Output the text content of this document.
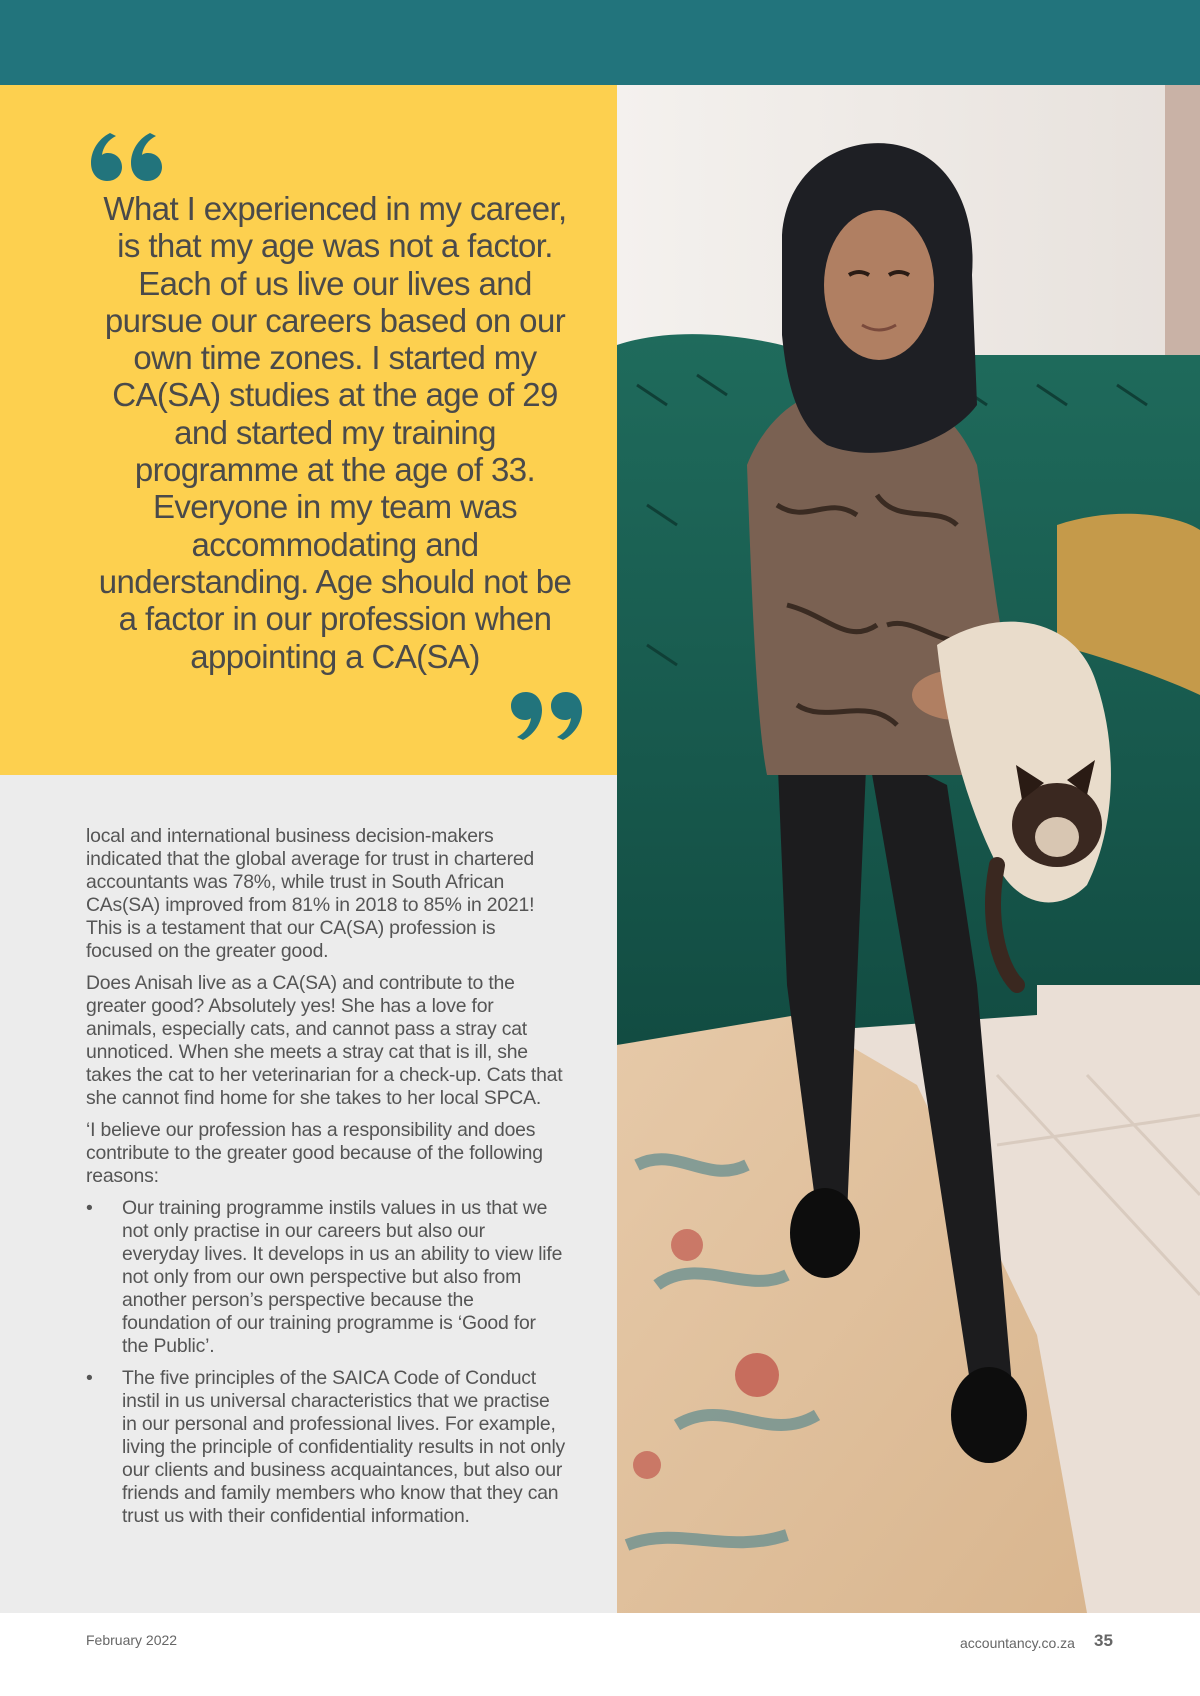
What I experienced in my career, is that my age was not a factor. Each of us live our lives and pursue our careers based on our own time zones. I started my CA(SA) studies at the age of 29 and started my training programme at the age of 33. Everyone in my team was accommodating and understanding. Age should not be a factor in our profession when appointing a CA(SA)

local and international business decision-makers indicated that the global average for trust in chartered accountants was 78%, while trust in South African CAs(SA) improved from 81% in 2018 to 85% in 2021! This is a testament that our CA(SA) profession is focused on the greater good.

Does Anisah live as a CA(SA) and contribute to the greater good? Absolutely yes! She has a love for animals, especially cats, and cannot pass a stray cat unnoticed. When she meets a stray cat that is ill, she takes the cat to her veterinarian for a check-up. Cats that she cannot find home for she takes to her local SPCA.

‘I believe our profession has a responsibility and does contribute to the greater good because of the following reasons:

• Our training programme instils values in us that we not only practise in our careers but also our everyday lives. It develops in us an ability to view life not only from our own perspective but also from another person’s perspective because the foundation of our training programme is ‘Good for the Public’.
• The five principles of the SAICA Code of Conduct instil in us universal characteristics that we practise in our personal and professional lives. For example, living the principle of confidentiality results in not only our clients and business acquaintances, but also our friends and family members who know that they can trust us with their confidential information.
February 2022	accountancy.co.za 35
